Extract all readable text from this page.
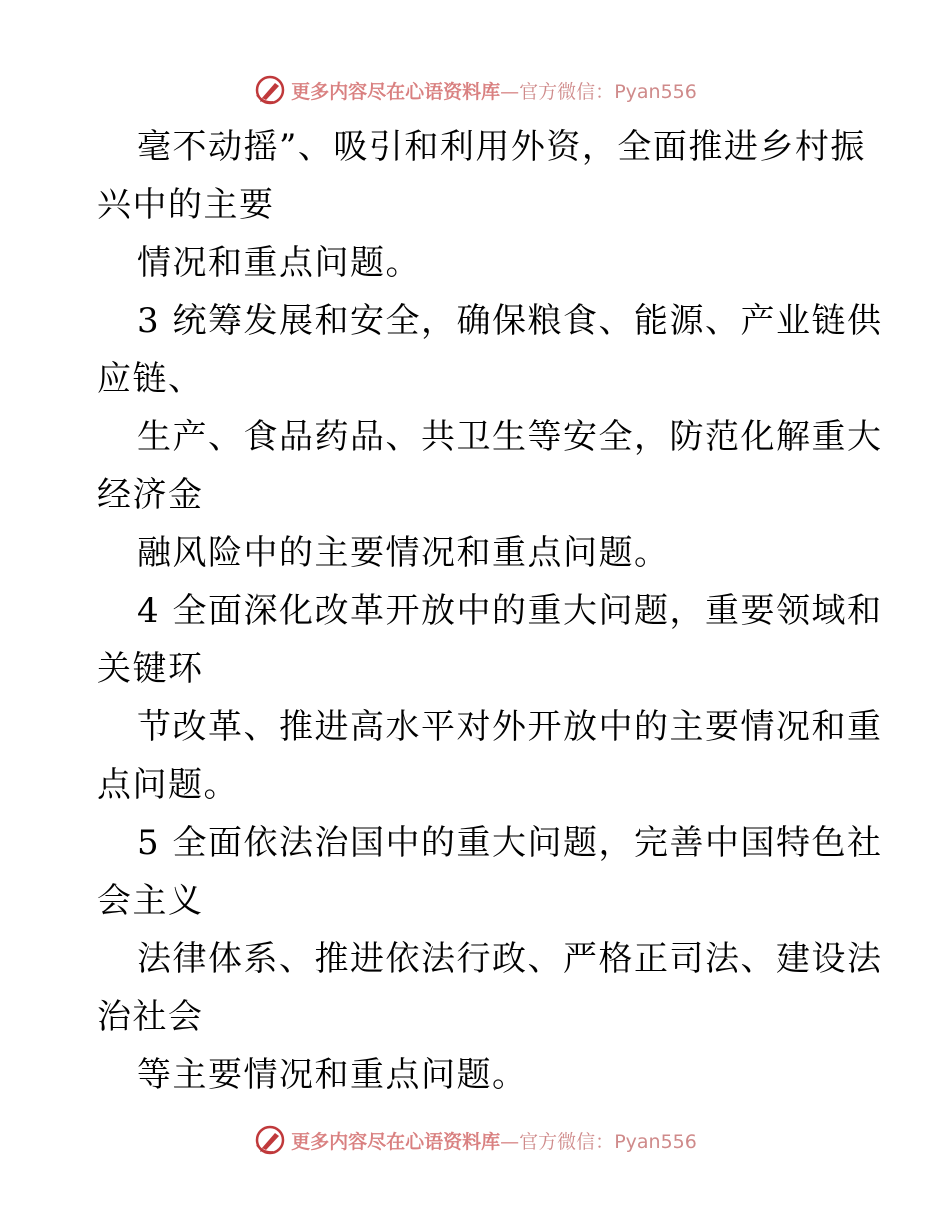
更多内容尽在心语资料库—官方微信：Pyan556
毫不动摇”、吸引和利用外资，全面推进乡村振
兴中的主要
情况和重点问题。
3 统筹发展和安全，确保粮食、能源、产业链供
应链、
生产、食品药品、共卫生等安全，防范化解重大
经济金
融风险中的主要情况和重点问题。
4 全面深化改革开放中的重大问题，重要领域和
关键环
节改革、推进高水平对外开放中的主要情况和重
点问题。
5 全面依法治国中的重大问题，完善中国特色社
会主义
法律体系、推进依法行政、严格正司法、建设法
治社会
等主要情况和重点问题。
更多内容尽在心语资料库—官方微信：Pyan556
